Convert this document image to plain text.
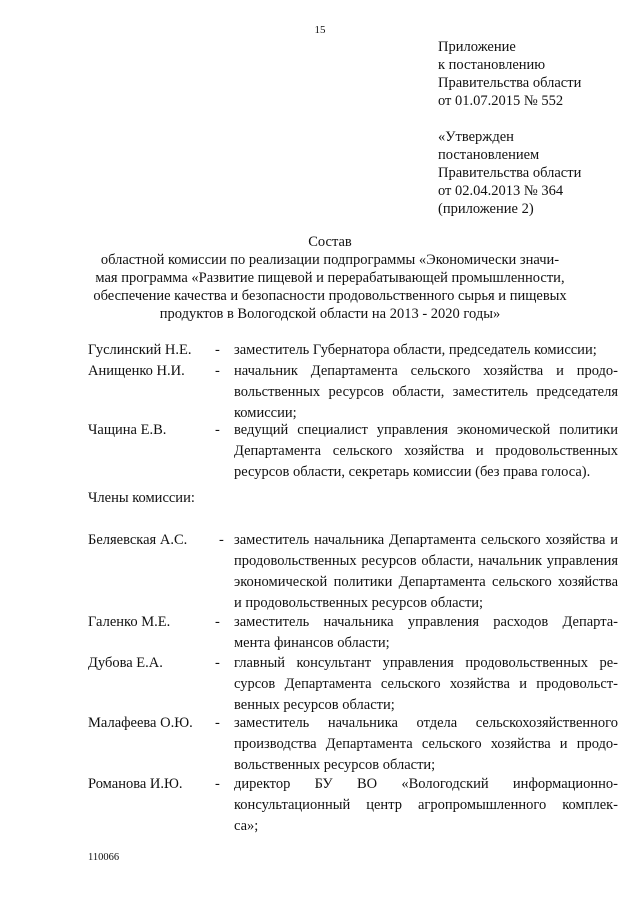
15
Приложение
к постановлению
Правительства области
от 01.07.2015 № 552
«Утвержден
постановлением
Правительства области
от 02.04.2013 № 364
(приложение 2)
Состав
областной комиссии по реализации подпрограммы «Экономически значи-
мая программа «Развитие пищевой и перерабатывающей промышленности,
обеспечение качества и безопасности продовольственного сырья и пищевых
продуктов в Вологодской области на 2013 - 2020 годы»
Гуслинский Н.Е. - заместитель Губернатора области, председатель комиссии;
Анищенко Н.И. - начальник Департамента сельского хозяйства и продо-
вольственных ресурсов области, заместитель председателя
комиссии;
Чащина Е.В.	- ведущий специалист управления экономической политики
Департамента сельского хозяйства и продовольственных
ресурсов области, секретарь комиссии (без права голоса).
Члены комиссии:
Беляевская А.С. - заместитель начальника Департамента сельского хозяйства и
продовольственных ресурсов области, начальник управления
экономической политики Департамента сельского хозяйства
и продовольственных ресурсов области;
Галенко М.Е.	- заместитель начальника управления расходов Департа-
мента финансов области;
Дубова Е.А.	- главный консультант управления продовольственных ре-
сурсов Департамента сельского хозяйства и продовольст-
венных ресурсов области;
Малафеева О.Ю. - заместитель начальника отдела сельскохозяйственного
производства Департамента сельского хозяйства и продо-
вольственных ресурсов области;
Романова И.Ю. - директор БУ ВО «Вологодский информационно-
консультационный центр агропромышленного комплек-
са»;
110066
